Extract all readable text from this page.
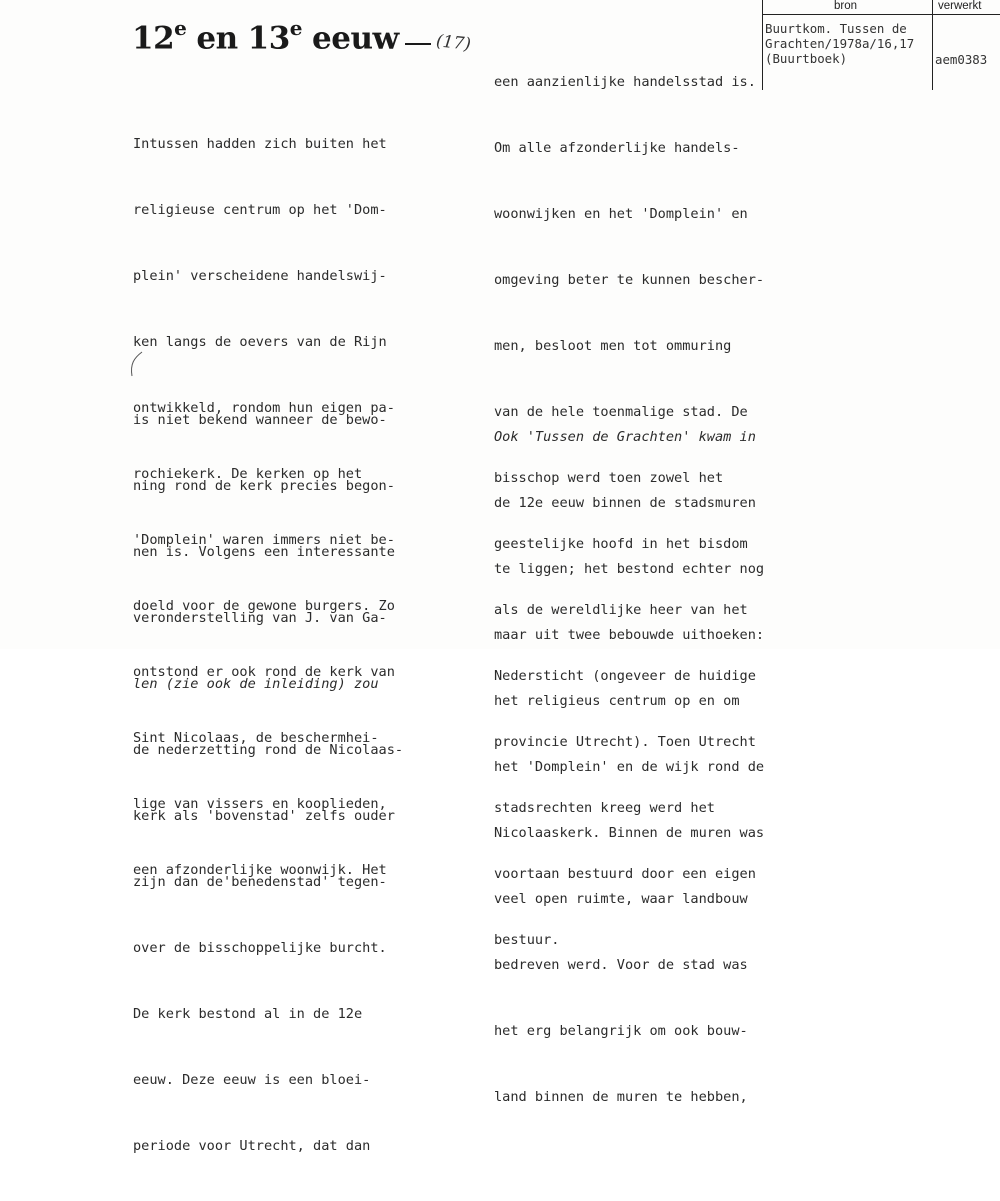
12e en 13e eeuw	(17)

Intussen hadden zich buiten het

religieuse centrum op het 'Dom-

plein' verscheidene handelswij-

ken langs de oevers van de Rijn

ontwikkeld, rondom hun eigen pa-

rochiekerk. De kerken op het

'Domplein' waren immers niet be-

doeld voor de gewone burgers. Zo

ontstond er ook rond de kerk van

Sint Nicolaas, de beschermhei-

lige van vissers en kooplieden,

een afzonderlijke woonwijk. Het

is niet bekend wanneer de bewo-

ning rond de kerk precies begon-

nen is. Volgens een interessante

veronderstelling van J. van Ga-

len (zie ook de inleiding) zou

de nederzetting rond de Nicolaas-

kerk als 'bovenstad' zelfs ouder

zijn dan de'benedenstad' tegen-

over de bisschoppelijke burcht.

De kerk bestond al in de 12e

eeuw. Deze eeuw is een bloei-

periode voor Utrecht, dat dan

een aanzienlijke handelsstad is.

Om alle afzonderlijke handels-

woonwijken en het 'Domplein' en

omgeving beter te kunnen bescher-

men, besloot men tot ommuring

van de hele toenmalige stad. De

bisschop werd toen zowel het

geestelijke hoofd in het bisdom

als de wereldlijke heer van het

Nedersticht (ongeveer de huidige

provincie Utrecht). Toen Utrecht

stadsrechten kreeg werd het

voortaan bestuurd door een eigen

bestuur.

Ook 'Tussen de Grachten' kwam in

de 12e eeuw binnen de stadsmuren

te liggen; het bestond echter nog

maar uit twee bebouwde uithoeken:

het religieus centrum op en om

het 'Domplein' en de wijk rond de

Nicolaaskerk. Binnen de muren was

veel open ruimte, waar landbouw

bedreven werd. Voor de stad was

het erg belangrijk om ook bouw-

land binnen de muren te hebben,

bron	verwerkt
Buurtkom. Tussen de
Grachten/1978a/16,17
(Buurtboek)	aem0383
